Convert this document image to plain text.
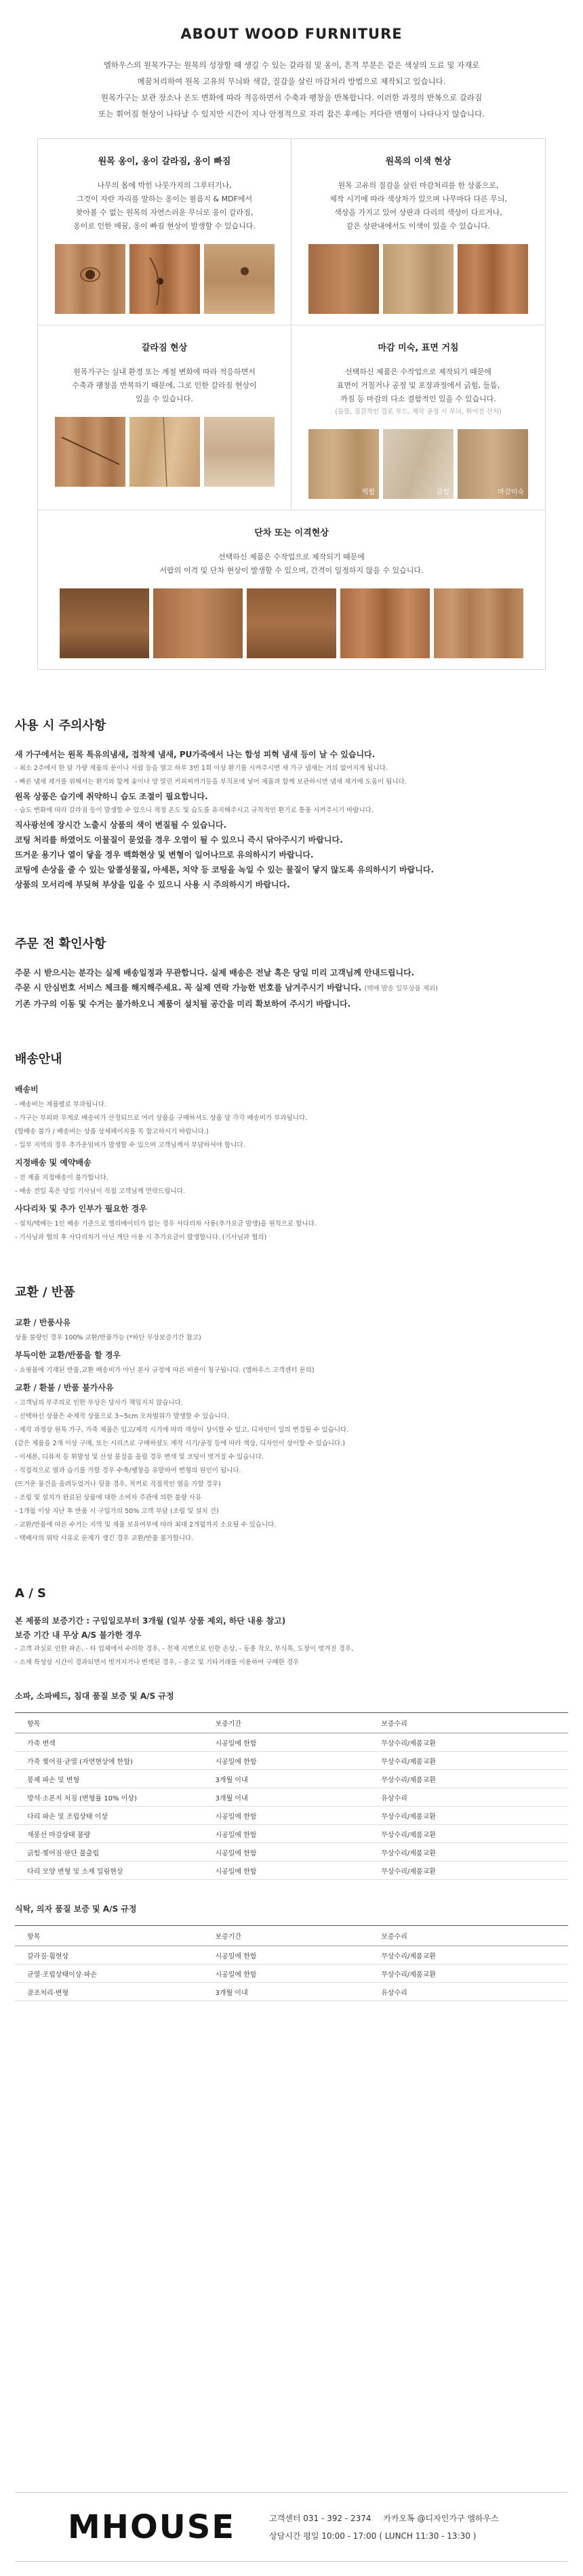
ABOUT WOOD FURNITURE

엠하우스의 원목가구는 원목의 성장할 때 생길 수 있는 갈라짐 및 옹이, 흔적 부분은 같은 색상의 도료 및 자재로

메꿈처리하여 원목 고유의 무늬와 색감, 질감을 살린 마감처리 방법으로 제작되고 있습니다.

원목가구는 보관 장소나 온도 변화에 따라 적응하면서 수축과 팽창을 반복합니다. 이러한 과정의 반복으로 갈라짐

또는 휘어짐 현상이 나타날 수 있지만 시간이 지나 안정적으로 자리 잡은 후에는 커다란 변형이 나타나지 않습니다.

원목 옹이, 옹이 갈라짐, 옹이 빠짐

나무의 몸에 박힌 나뭇가지의 그루터기나,

그것이 자란 자리를 말하는 옹이는 필름지 & MDF에서

찾아볼 수 없는 원목의 자연스러운 무늬로 옹이 갈라짐,

옹이로 인한 메꿈, 옹이 빠짐 현상이 발생할 수 있습니다.

원목의 이색 현상

원목 고유의 질감을 살린 마감처리를 한 상품으로,

제작 시기에 따라 색상차가 있으며 나무마다 다른 무늬,

색상을 가지고 있어 상판과 다리의 색상이 다르거나,

같은 상판내에서도 이색이 있을 수 있습니다.

갈라짐 현상

원목가구는 실내 환경 또는 계절 변화에 따라 적응하면서

수축과 팽창을 반복하기 때문에, 그로 인한 갈라짐 현상이

있을 수 있습니다.

마감 미숙, 표면 거침

선택하신 제품은 수작업으로 제작되기 때문에

표면이 거칠거나 공정 및 포장과정에서 긁힘, 들뜸,

까짐 등 마감의 다소 결함적인 있을 수 있습니다.

(들뜸, 질감적인 결로 부드, 제작 공정 시 무늬, 휘어진 산처)

찍힘	긁힘	마감미숙
단차 또는 이격현상

선택하신 제품은 수작업으로 제작되기 때문에

서랍의 이격 및 단차 현상이 발생할 수 있으며, 간격이 일정하지 않을 수 있습니다.

사용 시 주의사항

새 가구에서는 원목 특유의냄새, 접착제 냄새, PU가죽에서 나는 합성 피혁 냄새 등이 날 수 있습니다.

- 최소 2주에서 한 달 가량 제품의 문이나 서랍 등을 열고 하루 3번 1회 이상 환기를 시켜주시면 새 가구 냄새는 거의 없어지게 됩니다.

- 빠른 냄새 제거를 위해서는 환기와 함께 숯이나 양 말린 커피찌꺼기등을 부직포에 넣어 제품과 함께 보관하시면 냄새 제거에 도움이 됩니다.

원목 상품은 습기에 취약하니 습도 조절이 필요합니다.

- 습도 변화에 따라 갈라짐 등이 발생할 수 있으니 적정 온도 및 습도를 유지해주시고 규칙적인 환기로 통풍 시켜주시기 바랍니다.

직사광선에 장시간 노출시 상품의 색이 변질될 수 있습니다.

코팅 처리를 하였어도 이물질이 묻었을 경우 오염이 될 수 있으니 즉시 닦아주시기 바랍니다.

뜨거운 용기나 열이 닿을 경우 백화현상 및 변형이 일어나므로 유의하시기 바랍니다.

코팅에 손상을 줄 수 있는 알콜성물질, 아세톤, 치약 등 코팅을 녹일 수 있는 물질이 닿지 않도록 유의하시기 바랍니다.

상품의 모서리에 부딪혀 부상을 입을 수 있으니 사용 시 주의하시기 바랍니다.

주문 전 확인사항

주문 시 받으시는 분각는 실제 배송일정과 무관합니다. 실제 배송은 전날 혹은 당일 미리 고객님께 안내드립니다.

주문 시 안심번호 서비스 체크를 해지해주세요. 꼭 실제 연락 가능한 번호를 남겨주시기 바랍니다. (택배 발송 일부상품 제외)

기존 가구의 이동 및 수거는 불가하오니 제품이 설치될 공간을 미리 확보하여 주시기 바랍니다.

배송안내

배송비

- 배송비는 제품별로 부과됩니다.

- 가구는 부피와 무게로 배송비가 산정되므로 여러 상품을 구매하셔도 상품 당 각각 배송비가 부과됩니다.

(합배송 불가 / 배송비는 상품 상세페이지를 꼭 참고하시기 바랍니다.)

- 일부 지역의 경우 추가운임비가 발생할 수 있으며 고객님께서 부담하셔야 합니다.

지정배송 및 예약배송

- 전 제품 지정배송이 불가합니다.

- 배송 전일 혹은 당일 기사님이 직접 고객님께 연락드립니다.

사다리차 및 추가 인부가 필요한 경우

- 설치/택배는 1인 배송 기준으로 엘리베이터가 없는 경우 사다리차 사용(추가요금 발생)을 원칙으로 합니다.

- 기사님과 협의 후 사다리차가 아닌 계단 이용 시 추가요금이 발생합니다. (기사님과 협의)

교환 / 반품

교환 / 반품사유

상품 불량인 경우 100% 교환/반품가능 (*하단 무상보증기간 참고)

부득이한 교환/반품을 할 경우

- 쇼핑몰에 기재된 반품,교환 배송비가 아닌 본사 규정에 따른 비용이 청구됩니다. (엠하우스 고객센터 문의)

교환 / 환불 / 반품 불가사유

- 고객님의 부주의로 인한 부상은 당사가 책임지지 않습니다.

- 선택하신 상품은 수제작 상품으로 3~5cm 오차범위가 발생할 수 있습니다.

- 제작 과정상 원목 가구, 가죽 제품은 입고/제작 시기에 따라 색상이 상이할 수 있고, 디자인이 일의 변경될 수 있습니다.

(같은 제품을 2개 이상 구매, 또는 시리즈로 구매하셨도 제작 시기/공정 등에 따라 색상, 디자인이 상이할 수 있습니다.)

- 이세론, 디퓨저 등 휘발성 및 산성 물질을 올릴 경우 변색 및 코팅이 벗겨질 수 있습니다.

- 직접적으로 열과 습기를 가할 경우 수축/팽창을 유발하여 변형의 원인이 됩니다.

(뜨거운 물건을 올려두었거나 뒷물 경우, 적커로 직접적인 열을 가할 경우)

- 조립 및 설치가 완료된 상품에 대한 소비자 주관에 의한 불량 사유

- 1개월 이상 지난 후 반품 시 구입가의 50% 고객 부담 (조립 및 설치 건)

- 교환/반품에 따른 수거는 지역 및 제품 보유여부에 따라 최대 2개월까지 소요될 수 있습니다.

- 택배사의 위탁 사유로 문제가 생긴 경우 교환/반품 불가합니다.

A / S

본 제품의 보증기간 : 구입일로부터 3개월 (일부 상품 제외, 하단 내용 참고)

보증 기간 내 무상 A/S 불가한 경우

- 고객 과실로 인한 파손, - 타 업체에서 수리한 경우, - 천재 지변으로 인한 손상, - 동종 착오, 부식목, 도장이 벗겨진 경우,

- 소재 특성상 시간이 경과되면서 벗겨지거나 변색된 경우, - 중고 및 기타거래를 이용하여 구매한 경우

소파, 소파베드, 침대 품질 보증 및 A/S 규정

항목	보증기간	보증수리
가죽 변색	시공일에 한함	무상수리/제품교환
가죽 찢어짐·균열 (자연현상에 한함)	시공일에 한함	무상수리/제품교환
봉제 파손 및 변형	3개월 이내	무상수리/제품교환
방석·소폰지 처짐 (변형률 10% 이상)	3개월 이내	유상수리
다리 파손 및 조립상태 이상	시공일에 한함	무상수리/제품교환
재봉선 마감상태 불량	시공일에 한함	무상수리/제품교환
긁힘·찢어짐·판단 불출립	시공일에 한함	무상수리/제품교환
다리 모양 변형 및 소재 일림현상	시공일에 한함	무상수리/제품교환

식탁, 의자 품질 보증 및 A/S 규정

항목	보증기간	보증수리
갈라짐·휨현상	시공일에 한함	무상수리/제품교환
균열·조립상태이상·파손	시공일에 한함	무상수리/제품교환
골조처리·변형	3개월 이내	유상수리
MHOUSE	고객센터 031 - 392 - 2374 카카오톡 @디자인가구 엠하우스
상담시간 평일 10:00 - 17:00 ( LUNCH 11:30 - 13:30 )
